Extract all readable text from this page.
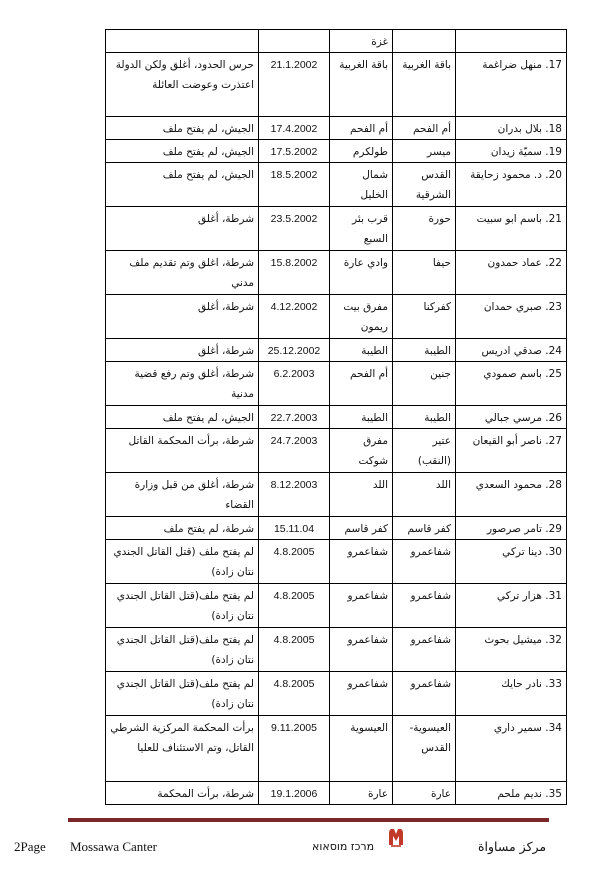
		غزة		
17. منهل ضراغمة	باقة الغربية	باقة الغربية	21.1.2002	حرس الحدود، أغلق ولكن الدولة اعتذرت وعوضت العائلة
18. بلال بدران	أم الفحم	أم الفحم	17.4.2002	الجيش، لم يفتح ملف
19. سميّة زيدان	ميسر	طولكرم	17.5.2002	الجيش، لم يفتح ملف
20. د. محمود زحايقة	القدس الشرقية	شمال الخليل	18.5.2002	الجيش، لم يفتح ملف
21. باسم ابو سبيت	حورة	قرب بئر السبع	23.5.2002	شرطة، أغلق
22. عماد حمدون	حيفا	وادي عارة	15.8.2002	شرطة، اغلق وتم تقديم ملف مدني
23. صبري حمدان	كفركنا	مفرق بيت ريمون	4.12.2002	شرطة، أغلق
24. صدقي ادريس	الطيبة	الطيبة	25.12.2002	شرطة، أغلق
25. باسم صمودي	جنين	أم الفحم	6.2.2003	شرطة، أغلق وتم رفع قضية مدنية
26. مرسي جبالي	الطيبة	الطيبة	22.7.2003	الجيش، لم يفتح ملف
27. ناصر أبو القيعان	عتير (النقب)	مفرق شوكت	24.7.2003	شرطة، برأت المحكمة القاتل
28. محمود السعدي	اللد	اللد	8.12.2003	شرطة، أغلق من قبل وزارة القضاء
29. تامر صرصور	كفر قاسم	كفر قاسم	15.11.04	شرطة، لم يفتح ملف
30. دينا تركي	شفاعمرو	شفاعمرو	4.8.2005	لم يفتح ملف (قتل القاتل الجندي نتان زادة)
31. هزار تركي	شفاعمرو	شفاعمرو	4.8.2005	لم يفتح ملف(قتل القاتل الجندي نتان زادة)
32. ميشيل بحوث	شفاعمرو	شفاعمرو	4.8.2005	لم يفتح ملف(قتل القاتل الجندي نتان زادة)
33. نادر حايك	شفاعمرو	شفاعمرو	4.8.2005	لم يفتح ملف(قتل القاتل الجندي نتان زادة)
34. سمير داري	العيسوية- القدس	العيسوية	9.11.2005	برأت المحكمة المركزية الشرطي القاتل، وتم الاستئناف للعليا
35. نديم ملحم	عارة	عارة	19.1.2006	شرطة، برأت المحكمة
2Page Mossawa Canter	מרכז מוסאוא	مركز مساواة
